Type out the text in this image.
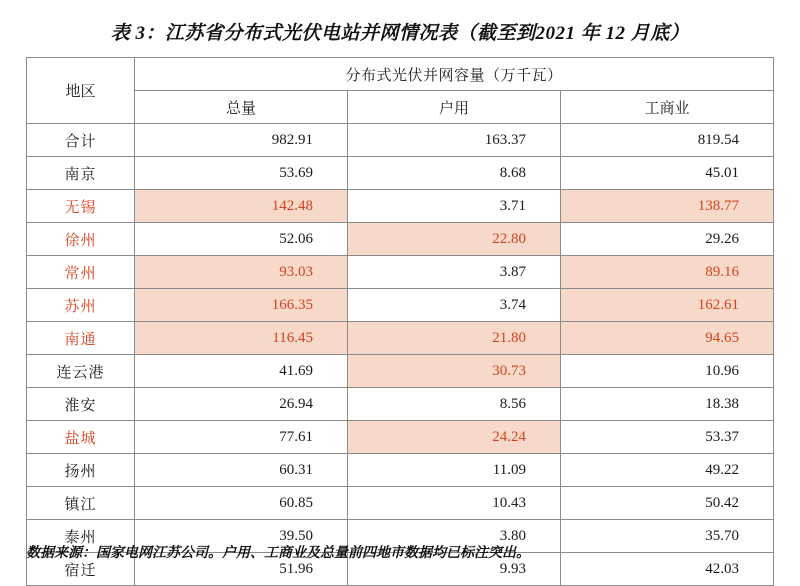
表 3：江苏省分布式光伏电站并网情况表（截至到2021 年 12 月底）
地区	分布式光伏并网容量（万千瓦）		
	总量	户用	工商业
合计	982.91	163.37	819.54
南京	53.69	8.68	45.01
无锡	142.48	3.71	138.77
徐州	52.06	22.80	29.26
常州	93.03	3.87	89.16
苏州	166.35	3.74	162.61
南通	116.45	21.80	94.65
连云港	41.69	30.73	10.96
淮安	26.94	8.56	18.38
盐城	77.61	24.24	53.37
扬州	60.31	11.09	49.22
镇江	60.85	10.43	50.42
泰州	39.50	3.80	35.70
宿迁	51.96	9.93	42.03
数据来源：国家电网江苏公司。户用、工商业及总量前四地市数据均已标注突出。
